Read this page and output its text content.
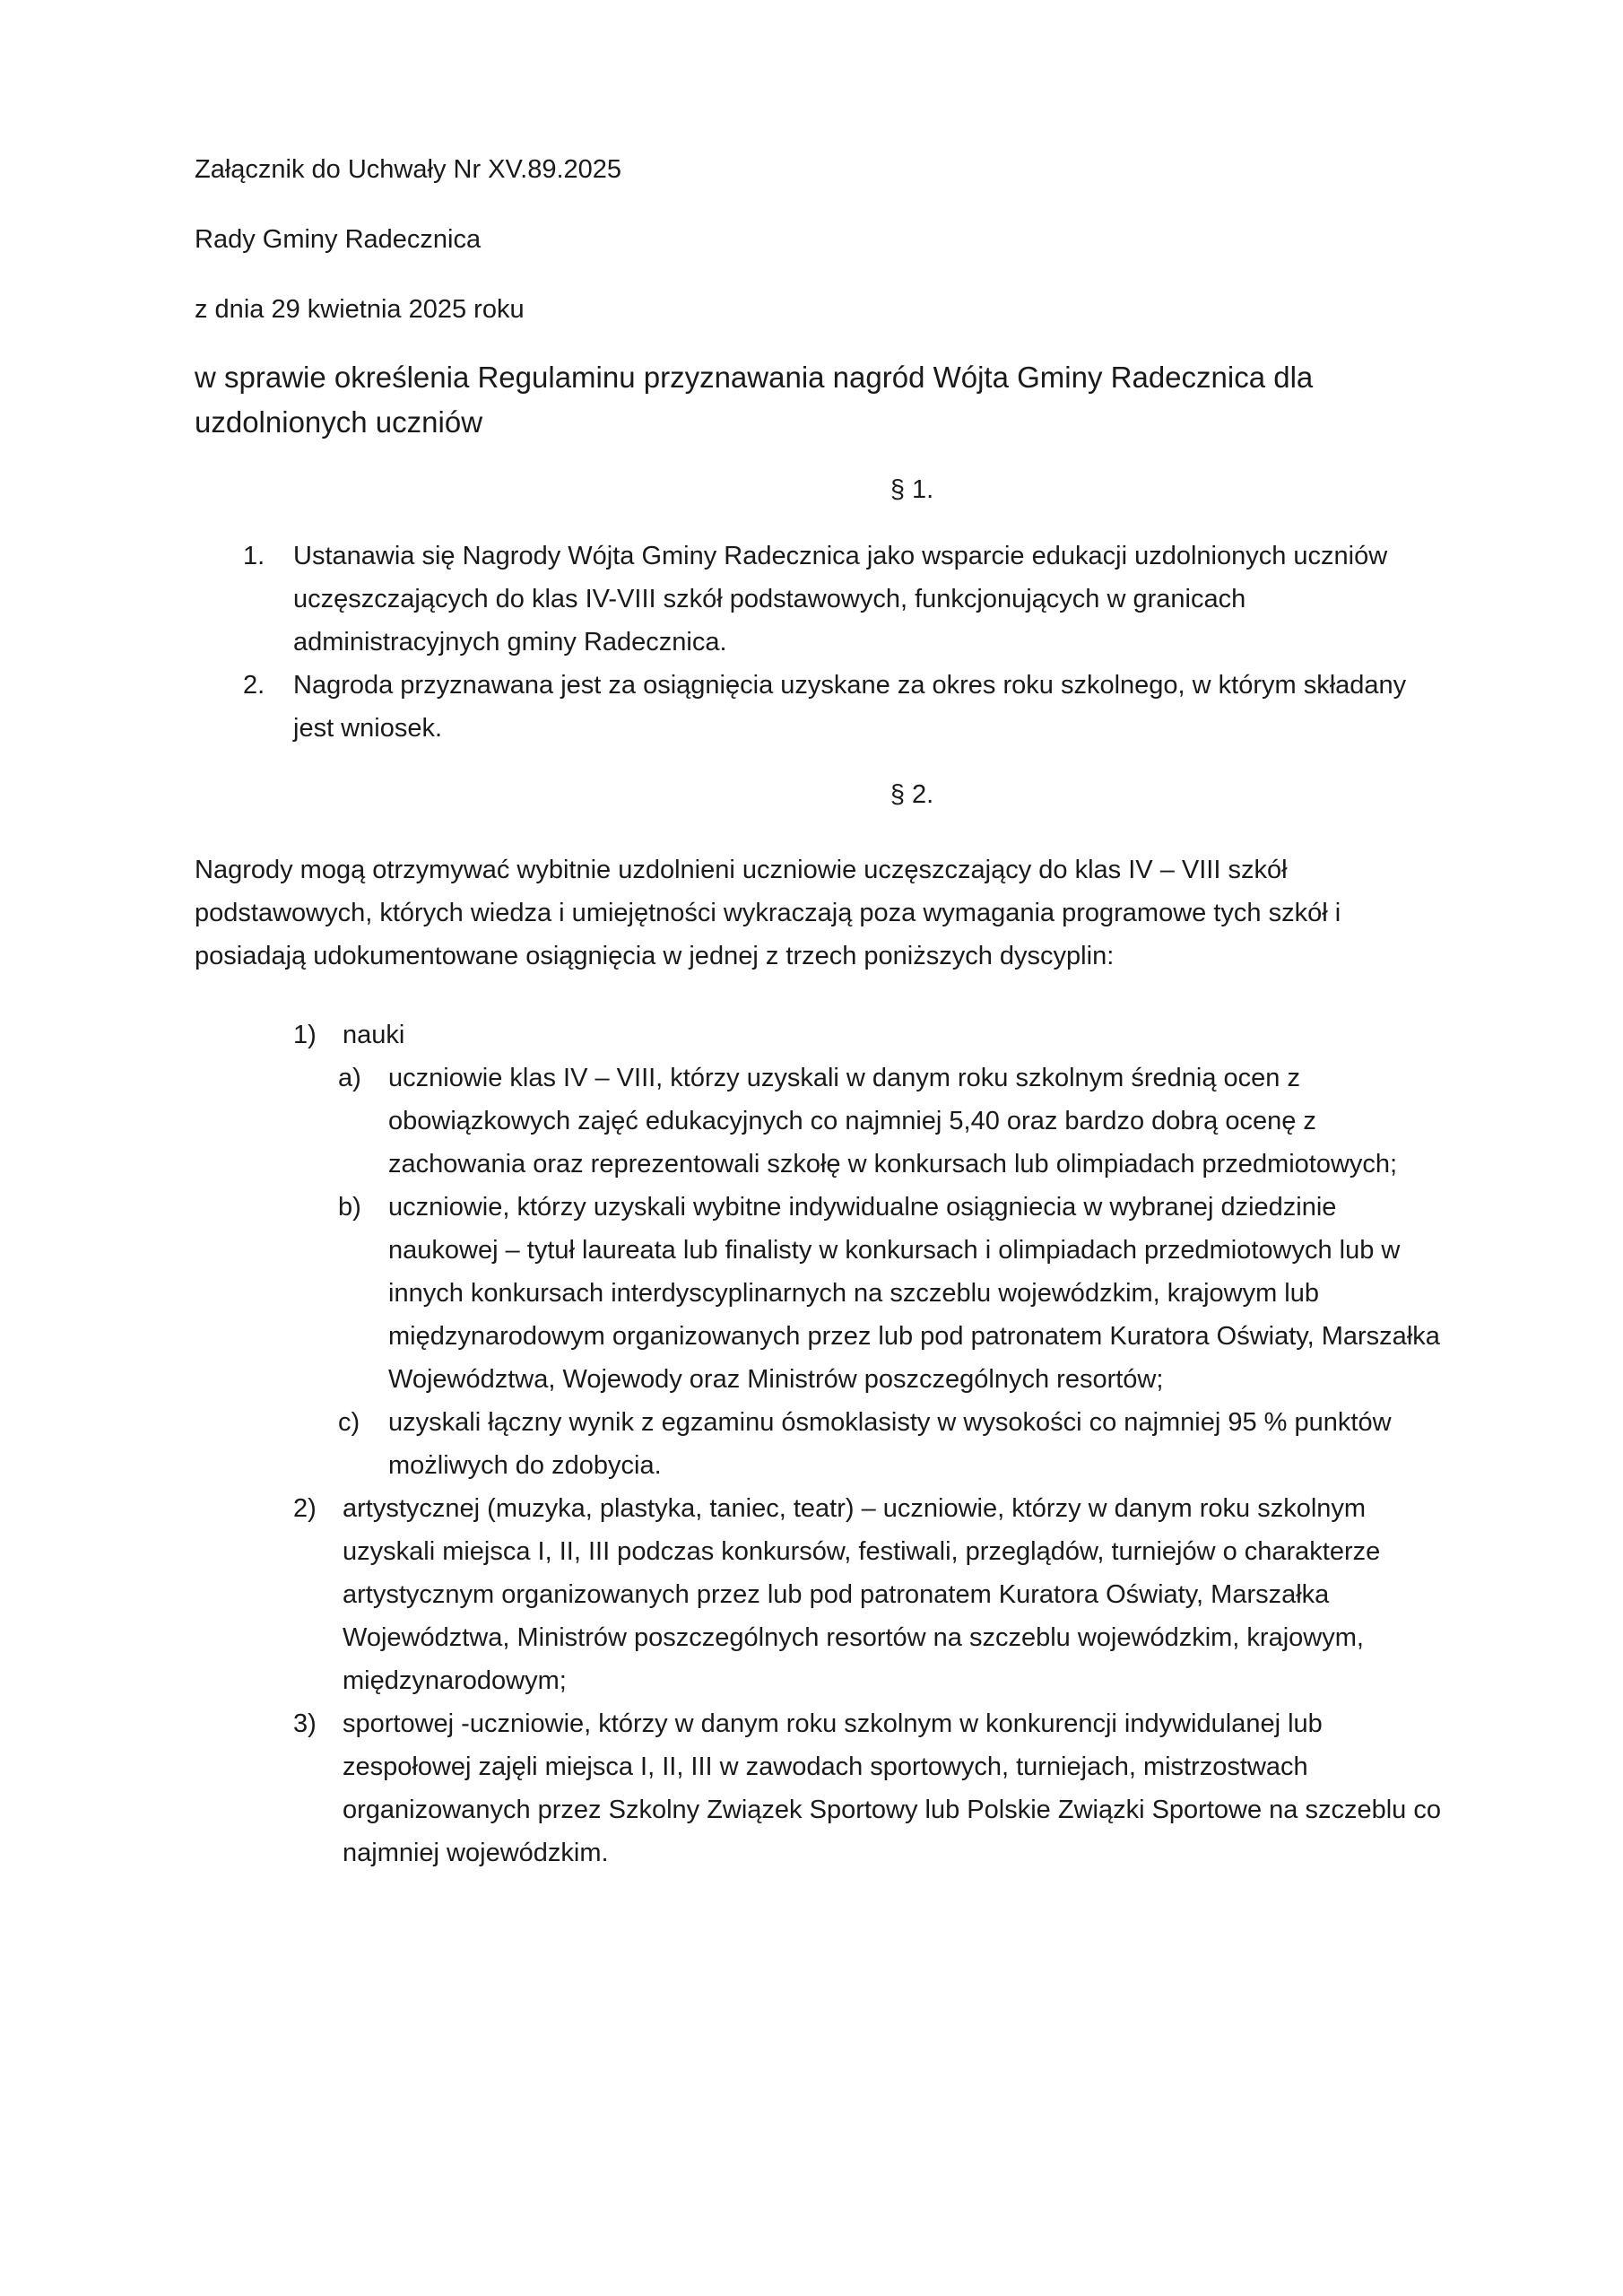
Załącznik do Uchwały Nr XV.89.2025

Rady Gminy Radecznica

z dnia 29 kwietnia 2025 roku

w sprawie określenia Regulaminu przyznawania nagród Wójta Gminy Radecznica dla uzdolnionych uczniów

§ 1.

1. Ustanawia się Nagrody Wójta Gminy Radecznica jako wsparcie edukacji uzdolnionych uczniów uczęszczających do klas IV-VIII szkół podstawowych, funkcjonujących w granicach administracyjnych gminy Radecznica.
2. Nagroda przyznawana jest za osiągnięcia uzyskane za okres roku szkolnego, w którym składany jest wniosek.

§ 2.

Nagrody mogą otrzymywać wybitnie uzdolnieni uczniowie uczęszczający do klas IV – VIII szkół podstawowych, których wiedza i umiejętności wykraczają poza wymagania programowe tych szkół i posiadają udokumentowane osiągnięcia w jednej z trzech poniższych dyscyplin:

1) nauki
a) uczniowie klas IV – VIII, którzy uzyskali w danym roku szkolnym średnią ocen z obowiązkowych zajęć edukacyjnych co najmniej 5,40 oraz bardzo dobrą ocenę z zachowania oraz reprezentowali szkołę w konkursach lub olimpiadach przedmiotowych;
b) uczniowie, którzy uzyskali wybitne indywidualne osiągniecia w wybranej dziedzinie naukowej – tytuł laureata lub finalisty w konkursach i olimpiadach przedmiotowych lub w innych konkursach interdyscyplinarnych na szczeblu wojewódzkim, krajowym lub międzynarodowym organizowanych przez lub pod patronatem Kuratora Oświaty, Marszałka Województwa, Wojewody oraz Ministrów poszczególnych resortów;
c) uzyskali łączny wynik z egzaminu ósmoklasisty w wysokości co najmniej 95 % punktów możliwych do zdobycia.
2) artystycznej (muzyka, plastyka, taniec, teatr) – uczniowie, którzy w danym roku szkolnym uzyskali miejsca I, II, III podczas konkursów, festiwali, przeglądów, turniejów o charakterze artystycznym organizowanych przez lub pod patronatem Kuratora Oświaty, Marszałka Województwa, Ministrów poszczególnych resortów na szczeblu wojewódzkim, krajowym, międzynarodowym;
3) sportowej -uczniowie, którzy w danym roku szkolnym w konkurencji indywidulanej lub zespołowej zajęli miejsca I, II, III w zawodach sportowych, turniejach, mistrzostwach organizowanych przez Szkolny Związek Sportowy lub Polskie Związki Sportowe na szczeblu co najmniej wojewódzkim.
